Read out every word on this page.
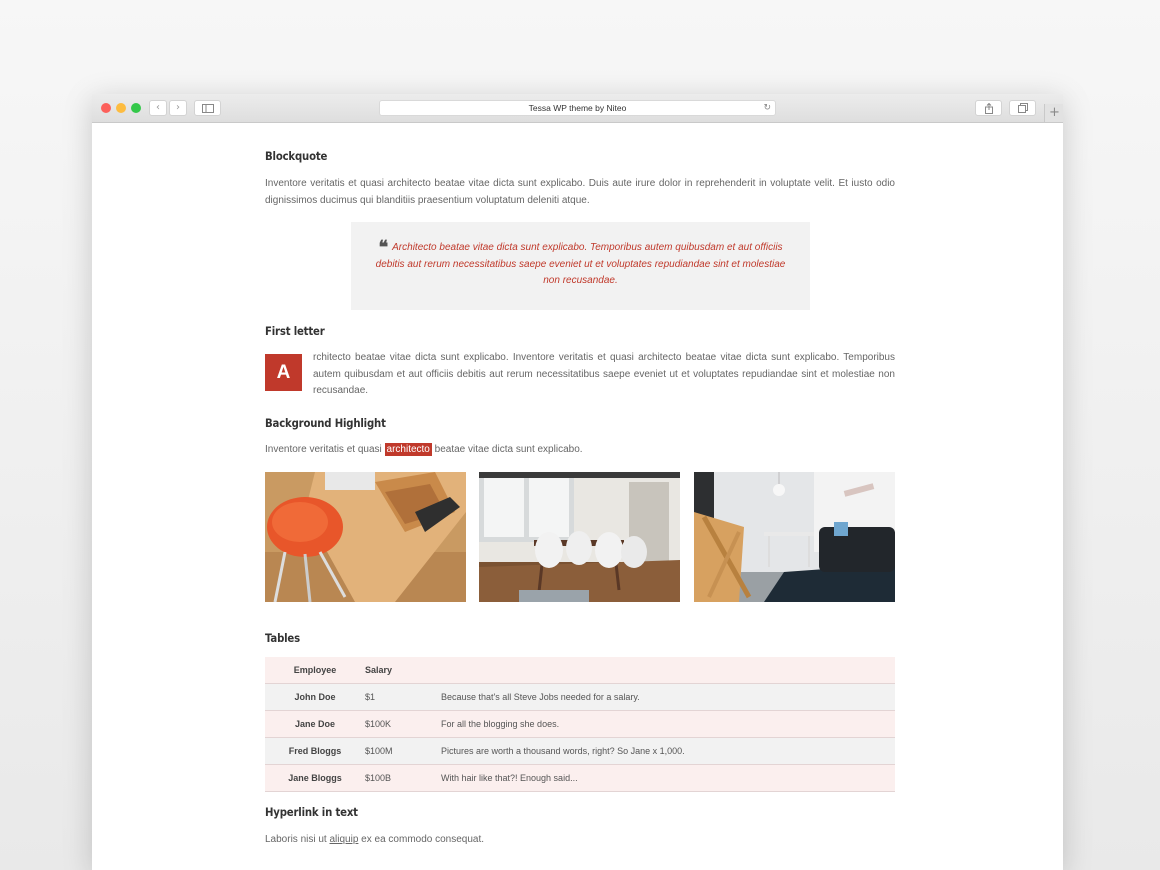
‹	›	Tessa WP theme by Niteo	↻	+
Blockquote

Inventore veritatis et quasi architecto beatae vitae dicta sunt explicabo. Duis aute irure dolor in reprehenderit in voluptate velit. Et iusto odio dignissimos ducimus qui blanditiis praesentium voluptatum deleniti atque.

❝ Architecto beatae vitae dicta sunt explicabo. Temporibus autem quibusdam et aut officiis debitis aut rerum necessitatibus saepe eveniet ut et voluptates repudiandae sint et molestiae non recusandae.
First letter
A

rchitecto beatae vitae dicta sunt explicabo. Inventore veritatis et quasi architecto beatae vitae dicta sunt explicabo. Temporibus autem quibusdam et aut officiis debitis aut rerum necessitatibus saepe eveniet ut et voluptates repudiandae sint et molestiae non recusandae.

Background Highlight
Inventore veritatis et quasi architecto beatae vitae dicta sunt explicabo.
Tables
Employee	Salary	
John Doe	$1	Because that's all Steve Jobs needed for a salary.
Jane Doe	$100K	For all the blogging she does.
Fred Bloggs	$100M	Pictures are worth a thousand words, right? So Jane x 1,000.
Jane Bloggs	$100B	With hair like that?! Enough said...
Hyperlink in text
Laboris nisi ut aliquip ex ea commodo consequat.
